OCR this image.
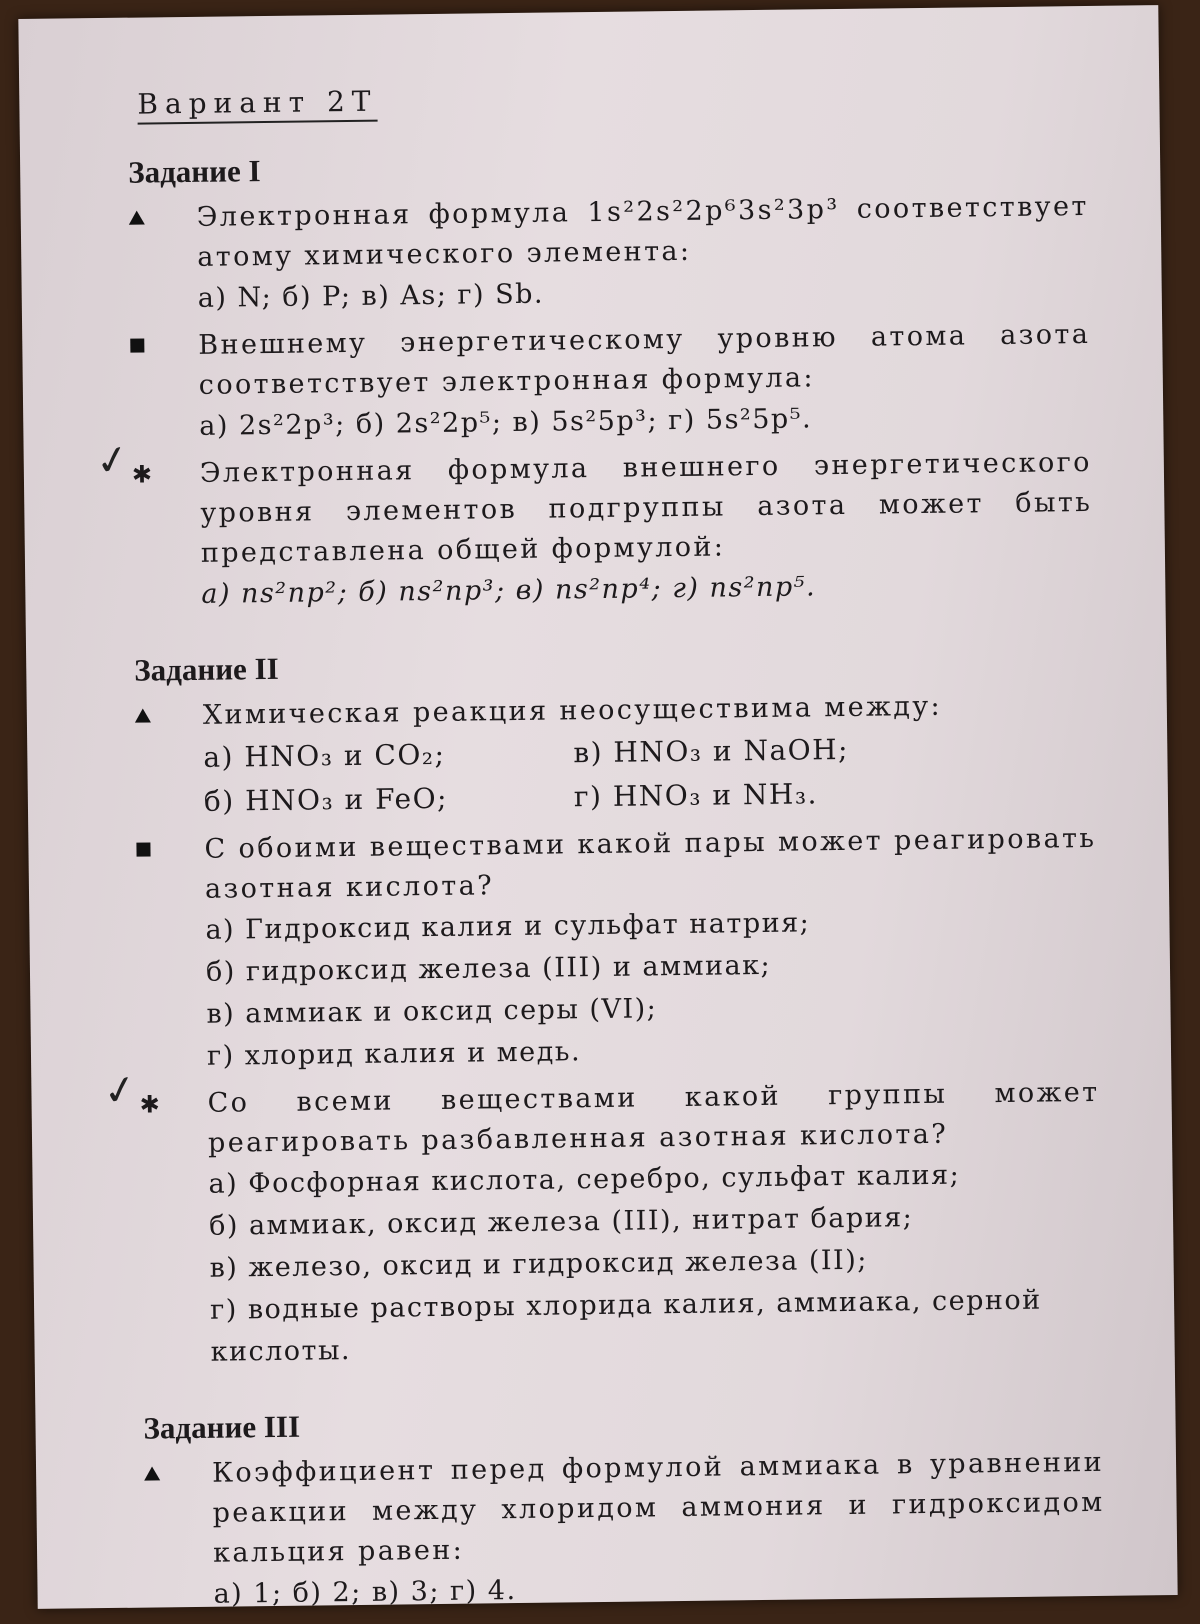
Вариант 2Т
Задание I
Электронная формула 1s²2s²2p⁶3s²3p³ соответствует атому химического элемента:
а) N; б) P; в) As; г) Sb.
Внешнему энергетическому уровню атома азота соответствует электронная формула:
а) 2s²2p³; б) 2s²2p⁵; в) 5s²5p³; г) 5s²5p⁵.
✓
✱	Электронная формула внешнего энергетического уровня элементов подгруппы азота может быть представлена общей формулой:
а) ns²np²; б) ns²np³; в) ns²np⁴; г) ns²np⁵.
Задание II
Химическая реакция неосуществима между:
а) HNO₃ и CO₂;	в) HNO₃ и NaOH;
б) HNO₃ и FeO;	г) HNO₃ и NH₃.
С обоими веществами какой пары может реагировать азотная кислота?
а) Гидроксид калия и сульфат натрия;
б) гидроксид железа (III) и аммиак;
в) аммиак и оксид серы (VI);
г) хлорид калия и медь.
✓
✱	Со всеми веществами какой группы может реагировать разбавленная азотная кислота?
а) Фосфорная кислота, серебро, сульфат калия;
б) аммиак, оксид железа (III), нитрат бария;
в) железо, оксид и гидроксид железа (II);
г) водные растворы хлорида калия, аммиака, серной кислоты.
Задание III
Коэффициент перед формулой аммиака в уравнении реакции между хлоридом аммония и гидроксидом кальция равен:
а) 1; б) 2; в) 3; г) 4.
